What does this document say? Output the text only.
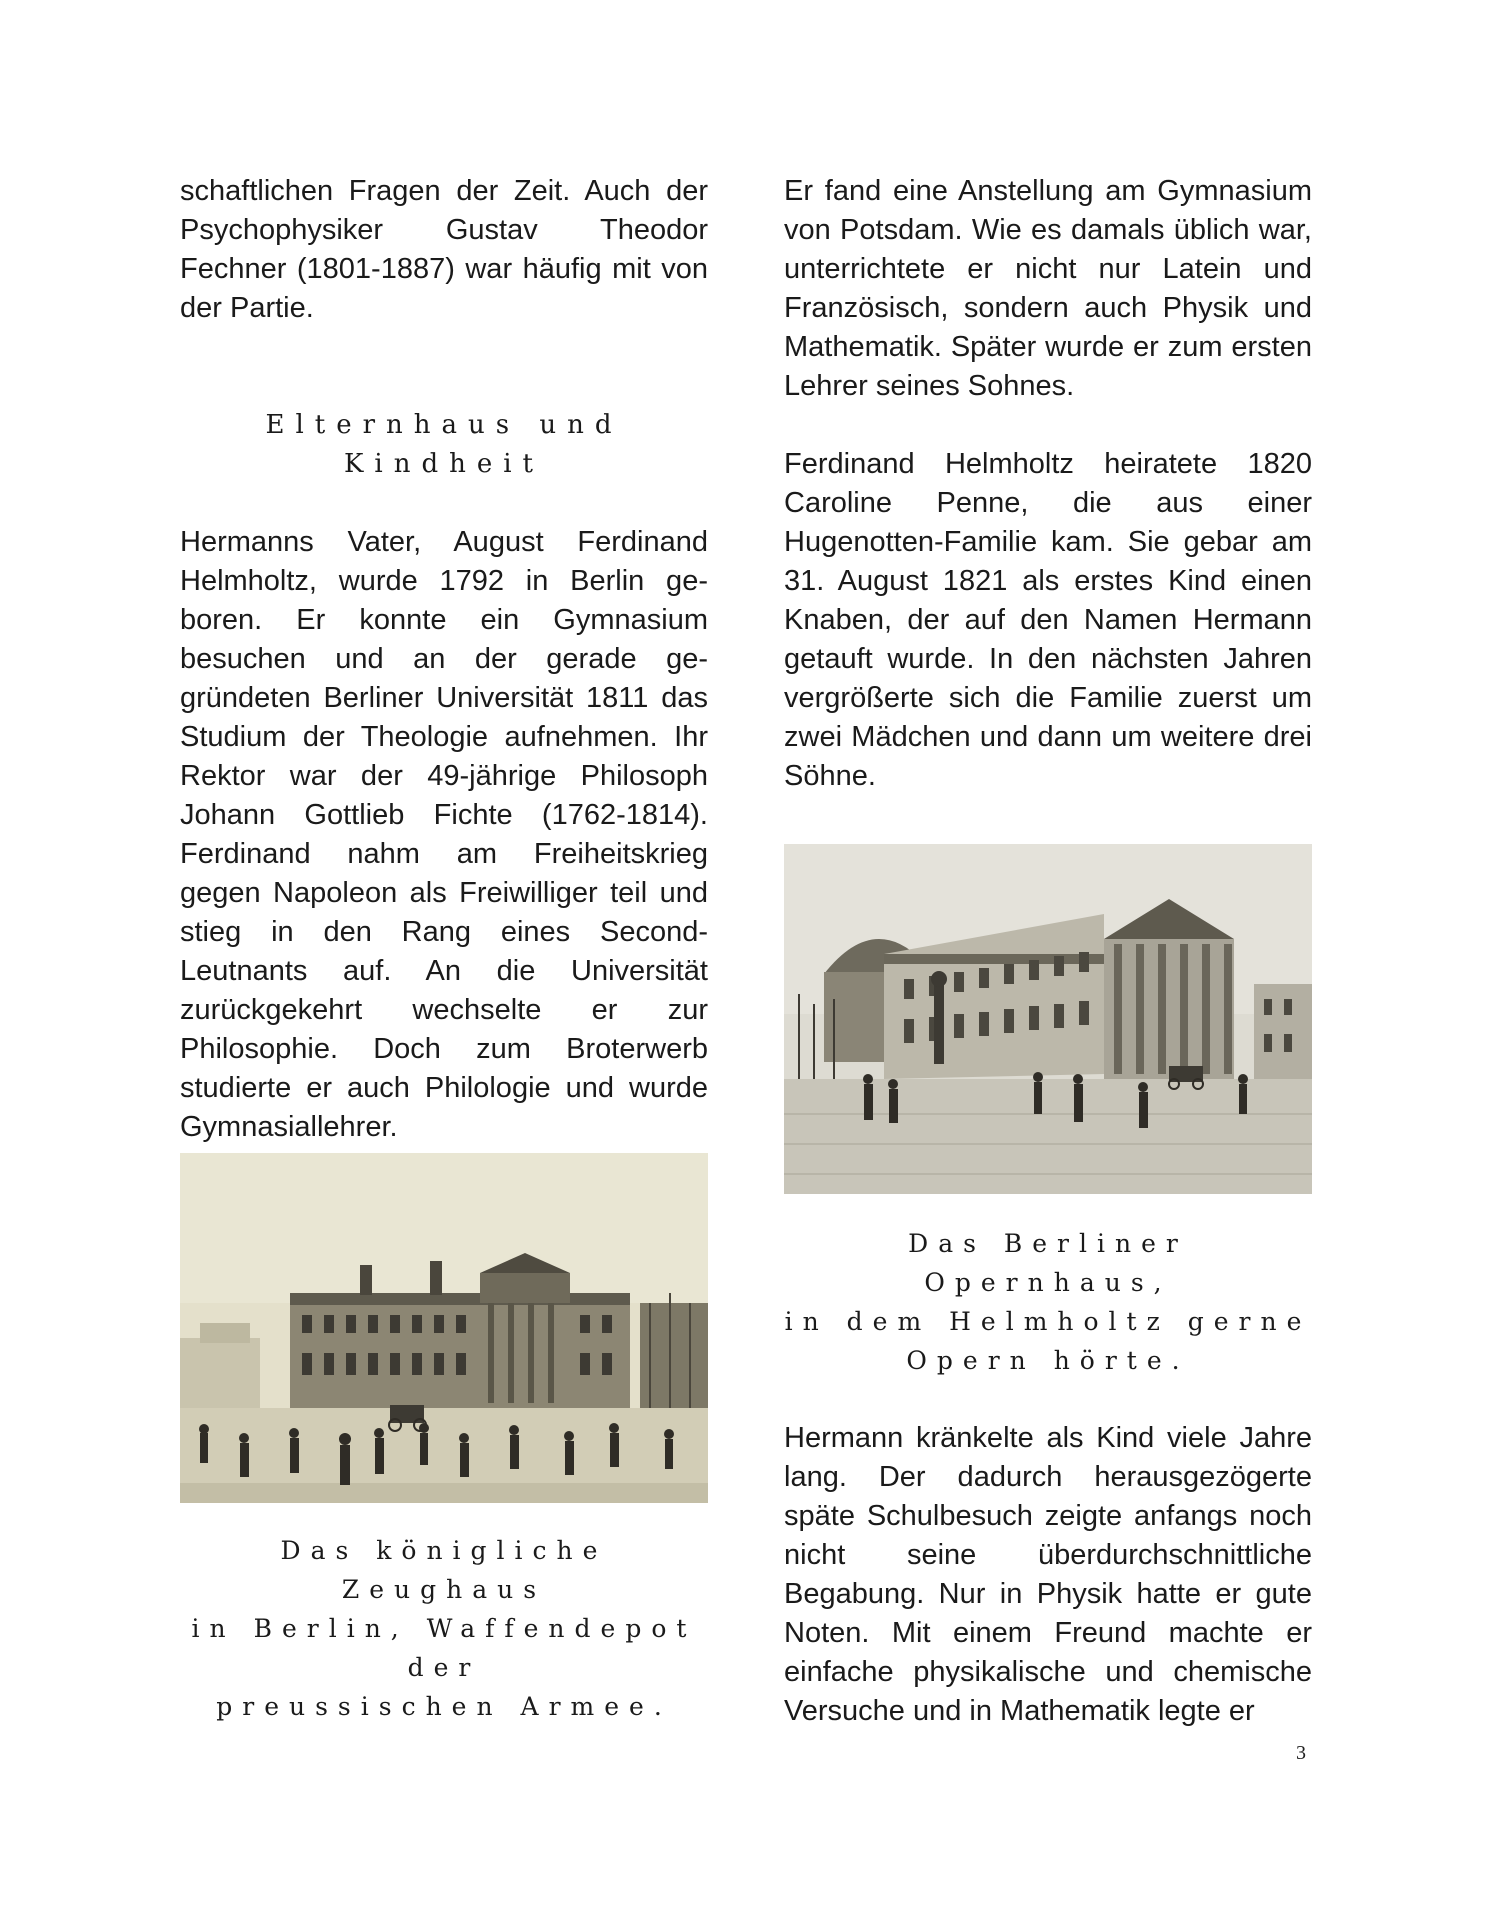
schaftlichen Fragen der Zeit. Auch der Psychophysiker Gustav Theodor Fechner (1801-1887) war häufig mit von der Partie.

Elternhaus und
Kindheit

Hermanns Vater, August Ferdinand Helmholtz, wurde 1792 in Berlin geboren. Er konnte ein Gymnasium besuchen und an der gerade gegründeten Berliner Universität 1811 das Studium der Theologie aufnehmen. Ihr Rektor war der 49-jährige Philosoph Johann Gottlieb Fichte (1762-1814). Ferdinand nahm am Freiheitskrieg gegen Napoleon als Freiwilliger teil und stieg in den Rang eines Second-Leutnants auf. An die Universität zurückgekehrt wechselte er zur Philosophie. Doch zum Broterwerb studierte er auch Philologie und wurde Gymnasiallehrer.

Das königliche Zeughaus
in Berlin, Waffendepot der
preussischen Armee.

Er fand eine Anstellung am Gymnasium von Potsdam. Wie es damals üblich war, unterrichtete er nicht nur Latein und Französisch, sondern auch Physik und Mathematik. Später wurde er zum ersten Lehrer seines Sohnes.

Ferdinand Helmholtz heiratete 1820 Caroline Penne, die aus einer Hugenotten-Familie kam. Sie gebar am 31. August 1821 als erstes Kind einen Knaben, der auf den Namen Hermann getauft wurde. In den nächsten Jahren vergrößerte sich die Familie zuerst um zwei Mädchen und dann um weitere drei Söhne.

Das Berliner Opernhaus,
in dem Helmholtz gerne
Opern hörte.

Hermann kränkelte als Kind viele Jahre lang. Der dadurch herausgezögerte späte Schulbesuch zeigte anfangs noch nicht seine überdurchschnittliche Begabung. Nur in Physik hatte er gute Noten. Mit einem Freund machte er einfache physikalische und chemische Versuche und in Mathematik legte er

3
